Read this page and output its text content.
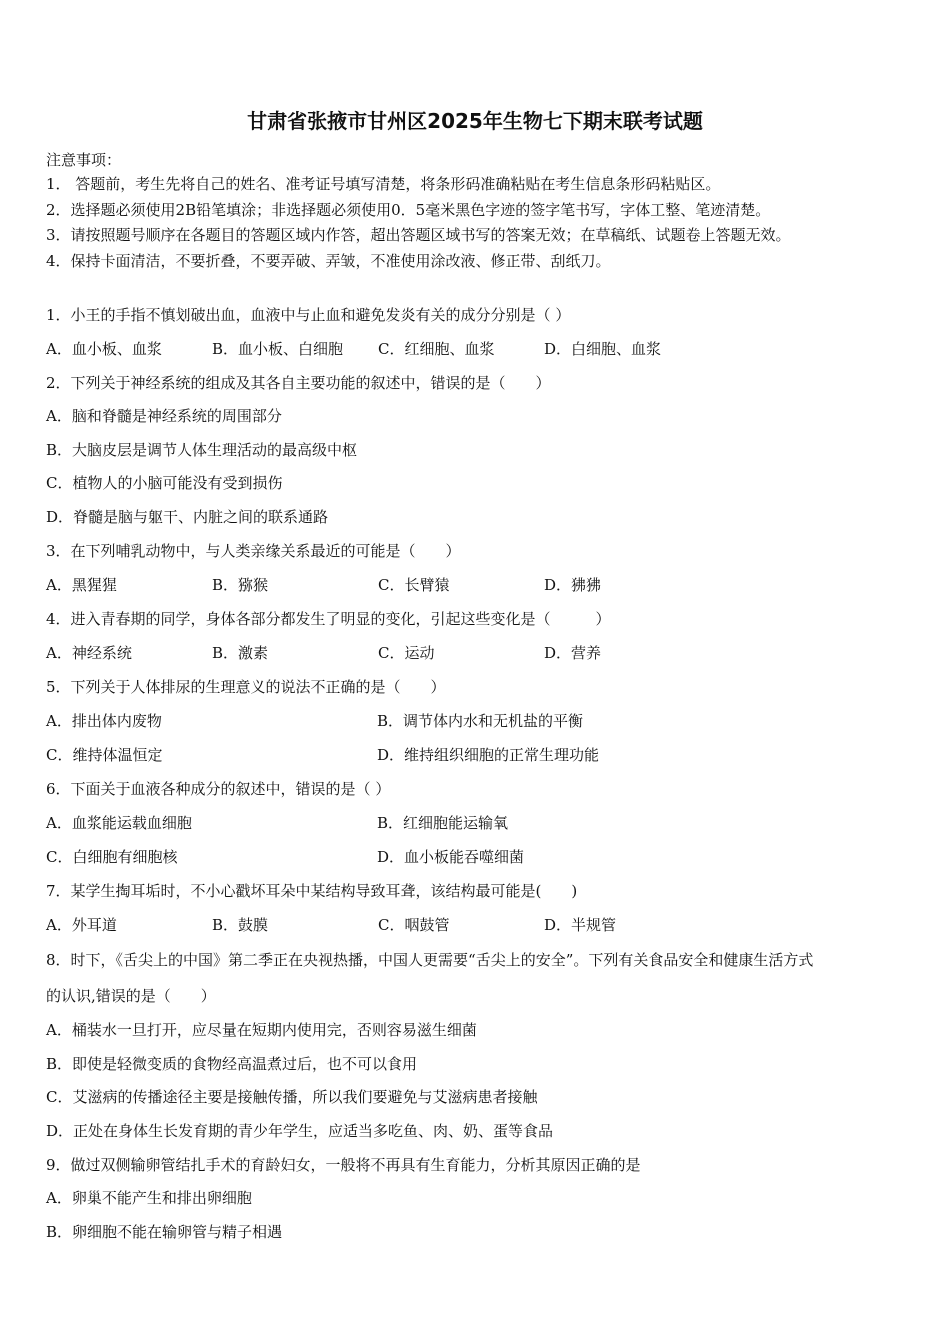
甘肃省张掖市甘州区2025年生物七下期末联考试题
注意事项：
1． 答题前，考生先将自己的姓名、准考证号填写清楚，将条形码准确粘贴在考生信息条形码粘贴区。
2．选择题必须使用2B铅笔填涂；非选择题必须使用0．5毫米黑色字迹的签字笔书写，字体工整、笔迹清楚。
3．请按照题号顺序在各题目的答题区域内作答，超出答题区域书写的答案无效；在草稿纸、试题卷上答题无效。
4．保持卡面清洁，不要折叠，不要弄破、弄皱，不准使用涂改液、修正带、刮纸刀。
1．小王的手指不慎划破出血，血液中与止血和避免发炎有关的成分分别是（ ）
A．血小板、血浆	B．血小板、白细胞	C．红细胞、血浆	D．白细胞、血浆
2．下列关于神经系统的组成及其各自主要功能的叙述中，错误的是（　　）
A．脑和脊髓是神经系统的周围部分
B．大脑皮层是调节人体生理活动的最高级中枢
C．植物人的小脑可能没有受到损伤
D．脊髓是脑与躯干、内脏之间的联系通路
3．在下列哺乳动物中，与人类亲缘关系最近的可能是（　　）
A．黑猩猩	B．猕猴	C．长臂猿	D．狒狒
4．进入青春期的同学，身体各部分都发生了明显的变化，引起这些变化是（　　　）
A．神经系统	B．激素	C．运动	D．营养
5．下列关于人体排尿的生理意义的说法不正确的是（　　）
A．排出体内废物	B．调节体内水和无机盐的平衡
C．维持体温恒定	D．维持组织细胞的正常生理功能
6．下面关于血液各种成分的叙述中，错误的是（ ）
A．血浆能运载血细胞	B．红细胞能运输氧
C．白细胞有细胞核	D．血小板能吞噬细菌
7．某学生掏耳垢时，不小心戳坏耳朵中某结构导致耳聋，该结构最可能是(　　)
A．外耳道	B．鼓膜	C．咽鼓管	D．半规管
8．时下，《舌尖上的中国》第二季正在央视热播，中国人更需要“舌尖上的安全”。下列有关食品安全和健康生活方式
的认识,错误的是（　　）
A．桶装水一旦打开，应尽量在短期内使用完，否则容易滋生细菌
B．即使是轻微变质的食物经高温煮过后，也不可以食用
C．艾滋病的传播途径主要是接触传播，所以我们要避免与艾滋病患者接触
D．正处在身体生长发育期的青少年学生，应适当多吃鱼、肉、奶、蛋等食品
9．做过双侧输卵管结扎手术的育龄妇女，一般将不再具有生育能力，分析其原因正确的是
A．卵巢不能产生和排出卵细胞
B．卵细胞不能在输卵管与精子相遇
